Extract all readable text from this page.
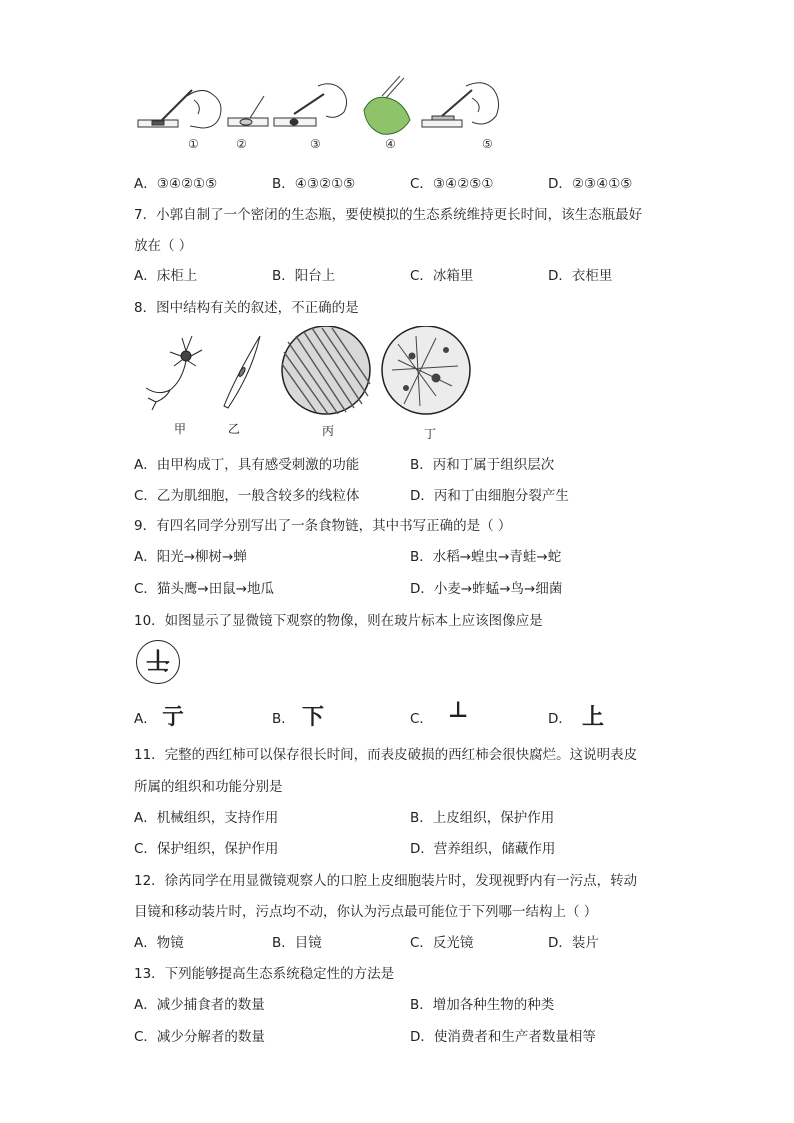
①	②	③	④	⑤
A．③④②①⑤	B．④③②①⑤	C．③④②⑤①	D．②③④①⑤
7．小郭自制了一个密闭的生态瓶，要使模拟的生态系统维持更长时间，该生态瓶最好
放在（ ）
A．床柜上	B．阳台上	C．冰箱里	D．衣柜里
8．图中结构有关的叙述，不正确的是
甲	乙	丙	丁
A．由甲构成丁，具有感受刺激的功能	B．丙和丁属于组织层次
C．乙为肌细胞，一般含较多的线粒体	D．丙和丁由细胞分裂产生
9．有四名同学分别写出了一条食物链，其中书写正确的是（ ）
A．阳光→柳树→蝉	B．水稻→蝗虫→青蛙→蛇
C．猫头鹰→田鼠→地瓜	D．小麦→蚱蜢→鸟→细菌
10．如图显示了显微镜下观察的物像，则在玻片标本上应该图像应是
干
A． 亍	B． 下	C． ⊥	D． 上
11．完整的西红柿可以保存很长时间，而表皮破损的西红柿会很快腐烂。这说明表皮
所属的组织和功能分别是
A．机械组织，支持作用	B．上皮组织，保护作用
C．保护组织，保护作用	D．营养组织，储藏作用
12．徐芮同学在用显微镜观察人的口腔上皮细胞装片时，发现视野内有一污点，转动
目镜和移动装片时，污点均不动，你认为污点最可能位于下列哪一结构上（ ）
A．物镜	B．目镜	C．反光镜	D．装片
13．下列能够提高生态系统稳定性的方法是
A．减少捕食者的数量	B．增加各种生物的种类
C．减少分解者的数量	D．使消费者和生产者数量相等
